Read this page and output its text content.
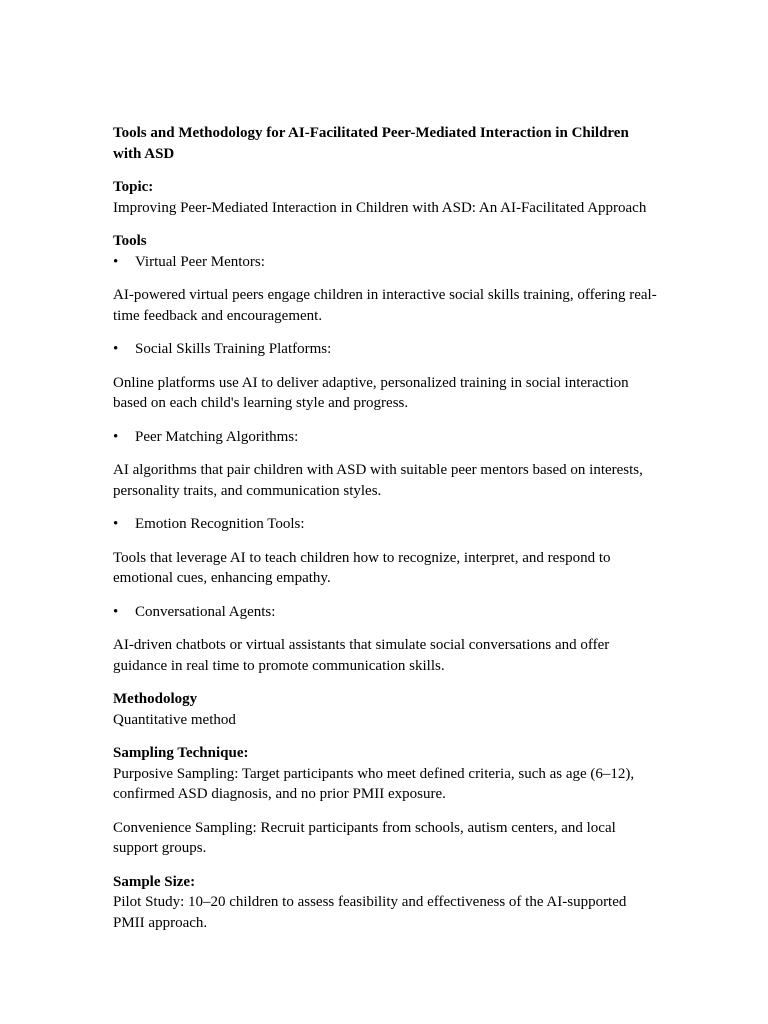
Tools and Methodology for AI-Facilitated Peer-Mediated Interaction in Children with ASD
Topic:
Improving Peer-Mediated Interaction in Children with ASD: An AI-Facilitated Approach
Tools
• Virtual Peer Mentors:
AI-powered virtual peers engage children in interactive social skills training, offering real-time feedback and encouragement.
• Social Skills Training Platforms:
Online platforms use AI to deliver adaptive, personalized training in social interaction based on each child's learning style and progress.
• Peer Matching Algorithms:
AI algorithms that pair children with ASD with suitable peer mentors based on interests, personality traits, and communication styles.
• Emotion Recognition Tools:
Tools that leverage AI to teach children how to recognize, interpret, and respond to emotional cues, enhancing empathy.
• Conversational Agents:
AI-driven chatbots or virtual assistants that simulate social conversations and offer guidance in real time to promote communication skills.
Methodology
Quantitative method
Sampling Technique:
Purposive Sampling: Target participants who meet defined criteria, such as age (6–12), confirmed ASD diagnosis, and no prior PMII exposure.
Convenience Sampling: Recruit participants from schools, autism centers, and local support groups.
Sample Size:
Pilot Study: 10–20 children to assess feasibility and effectiveness of the AI-supported PMII approach.
